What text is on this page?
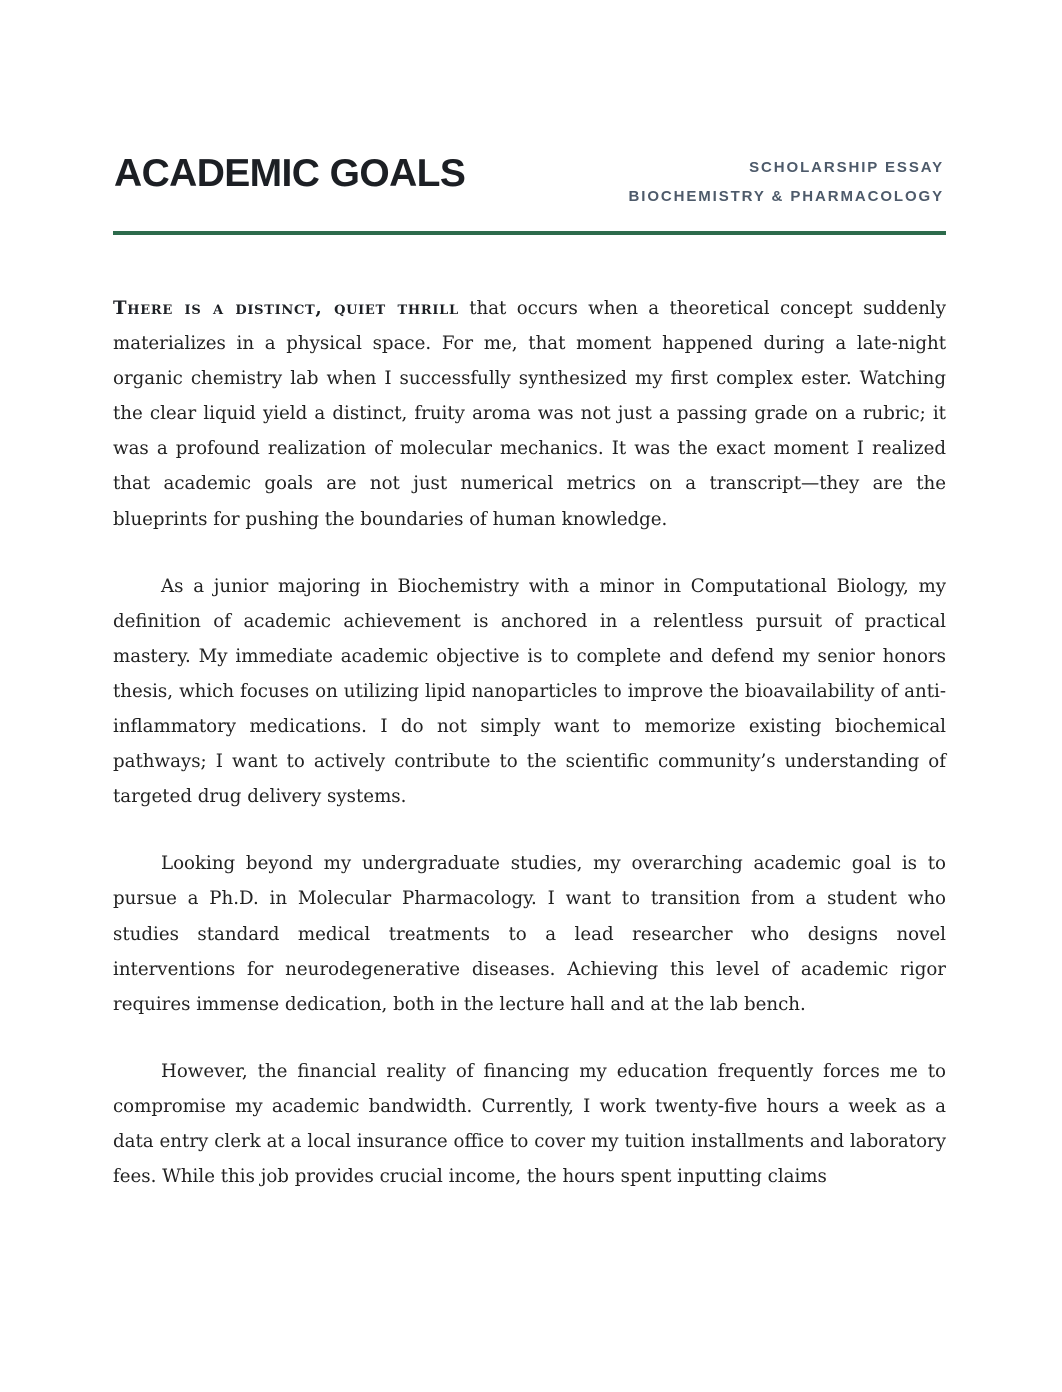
ACADEMIC GOALS	SCHOLARSHIP ESSAY
BIOCHEMISTRY & PHARMACOLOGY

There is a distinct, quiet thrill that occurs when a theoretical concept suddenly materializes in a physical space. For me, that moment happened during a late-night organic chemistry lab when I successfully synthesized my first complex ester. Watching the clear liquid yield a distinct, fruity aroma was not just a passing grade on a rubric; it was a profound realization of molecular mechanics. It was the exact moment I realized that academic goals are not just numerical metrics on a transcript—they are the blueprints for pushing the boundaries of human knowledge.

As a junior majoring in Biochemistry with a minor in Computational Biology, my definition of academic achievement is anchored in a relentless pursuit of practical mastery. My immediate academic objective is to complete and defend my senior honors thesis, which focuses on utilizing lipid nanoparticles to improve the bioavailability of anti-inflammatory medications. I do not simply want to memorize existing biochemical pathways; I want to actively contribute to the scientific community’s understanding of targeted drug delivery systems.

Looking beyond my undergraduate studies, my overarching academic goal is to pursue a Ph.D. in Molecular Pharmacology. I want to transition from a student who studies standard medical treatments to a lead researcher who designs novel interventions for neurodegenerative diseases. Achieving this level of academic rigor requires immense dedication, both in the lecture hall and at the lab bench.

However, the financial reality of financing my education frequently forces me to compromise my academic bandwidth. Currently, I work twenty-five hours a week as a data entry clerk at a local insurance office to cover my tuition installments and laboratory fees. While this job provides crucial income, the hours spent inputting claims
